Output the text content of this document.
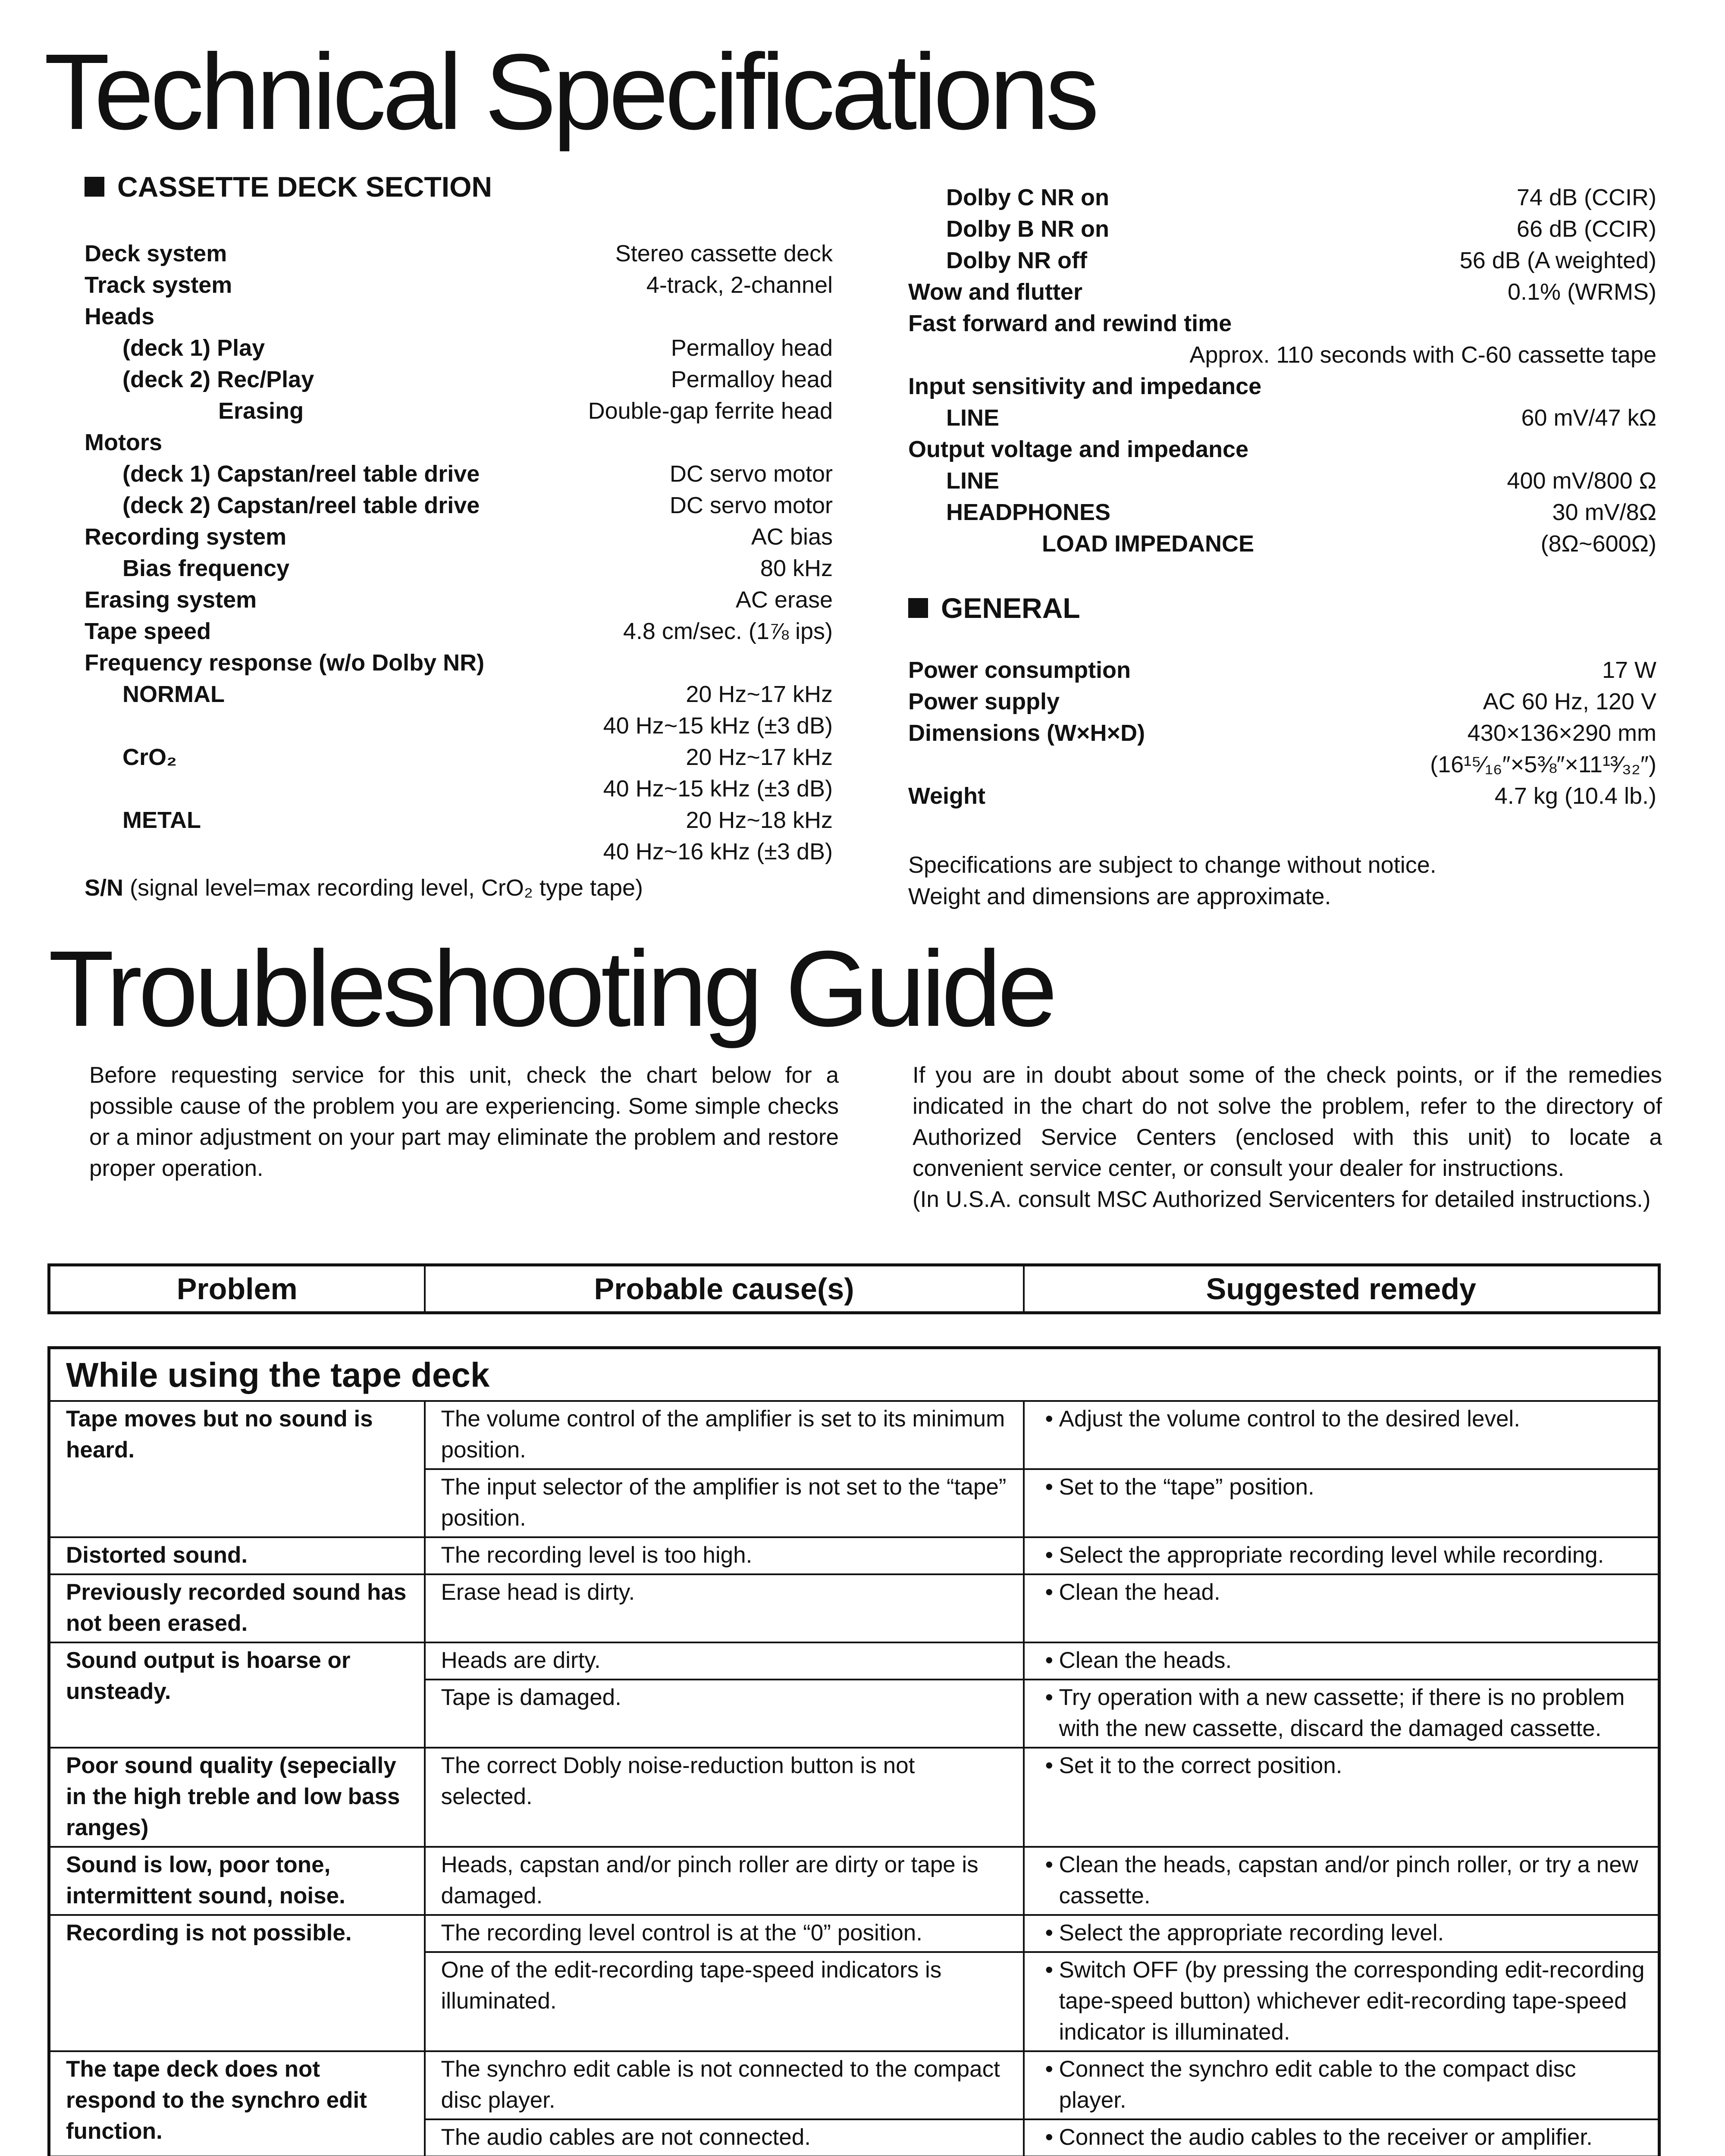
Technical Specifications
CASSETTE DECK SECTION
Deck system	Stereo cassette deck
Track system	4-track, 2-channel
Heads
(deck 1) Play	Permalloy head
(deck 2) Rec/Play	Permalloy head
Erasing	Double-gap ferrite head
Motors
(deck 1) Capstan/reel table drive	DC servo motor
(deck 2) Capstan/reel table drive	DC servo motor
Recording system	AC bias
Bias frequency	80 kHz
Erasing system	AC erase
Tape speed	4.8 cm/sec. (1⅞ ips)
Frequency response (w/o Dolby NR)
NORMAL	20 Hz~17 kHz
40 Hz~15 kHz (±3 dB)
CrO₂	20 Hz~17 kHz
40 Hz~15 kHz (±3 dB)
METAL	20 Hz~18 kHz
40 Hz~16 kHz (±3 dB)
S/N (signal level=max recording level, CrO₂ type tape)
Dolby C NR on	74 dB (CCIR)
Dolby B NR on	66 dB (CCIR)
Dolby NR off	56 dB (A weighted)
Wow and flutter	0.1% (WRMS)
Fast forward and rewind time
Approx. 110 seconds with C-60 cassette tape
Input sensitivity and impedance
LINE	60 mV/47 kΩ
Output voltage and impedance
LINE	400 mV/800 Ω
HEADPHONES	30 mV/8Ω
LOAD IMPEDANCE	(8Ω~600Ω)
GENERAL
Power consumption	17 W
Power supply	AC 60 Hz, 120 V
Dimensions (W×H×D)	430×136×290 mm
(16¹⁵⁄₁₆″×5⅜″×11¹³⁄₃₂″)
Weight	4.7 kg (10.4 lb.)
Specifications are subject to change without notice.
Weight and dimensions are approximate.
Troubleshooting Guide
Before requesting service for this unit, check the chart below for a possible cause of the problem you are experiencing. Some simple checks or a minor adjustment on your part may eliminate the problem and restore proper operation.
If you are in doubt about some of the check points, or if the remedies indicated in the chart do not solve the problem, refer to the directory of Authorized Service Centers (enclosed with this unit) to locate a convenient service center, or consult your dealer for instructions.
(In U.S.A. consult MSC Authorized Servicenters for detailed instructions.)
Problem	Probable cause(s)	Suggested remedy
While using the tape deck		
Tape moves but no sound is heard.	The volume control of the amplifier is set to its minimum position.	• Adjust the volume control to the desired level.
	The input selector of the amplifier is not set to the “tape” position.	• Set to the “tape” position.
Distorted sound.	The recording level is too high.	• Select the appropriate recording level while recording.
Previously recorded sound has not been erased.	Erase head is dirty.	• Clean the head.
Sound output is hoarse or unsteady.	Heads are dirty.	• Clean the heads.
	Tape is damaged.	• Try operation with a new cassette; if there is no problem with the new cassette, discard the damaged cassette.
Poor sound quality (sepecially in the high treble and low bass ranges)	The correct Dobly noise-reduction button is not selected.	• Set it to the correct position.
Sound is low, poor tone, intermittent sound, noise.	Heads, capstan and/or pinch roller are dirty or tape is damaged.	• Clean the heads, capstan and/or pinch roller, or try a new cassette.
Recording is not possible.	The recording level control is at the “0” position.	• Select the appropriate recording level.
	One of the edit-recording tape-speed indicators is illuminated.	• Switch OFF (by pressing the corresponding edit-recording tape-speed button) whichever edit-recording tape-speed indicator is illuminated.
The tape deck does not respond to the synchro edit function.	The synchro edit cable is not connected to the compact disc player.	• Connect the synchro edit cable to the compact disc player.
	The audio cables are not connected.	• Connect the audio cables to the receiver or amplifier.
